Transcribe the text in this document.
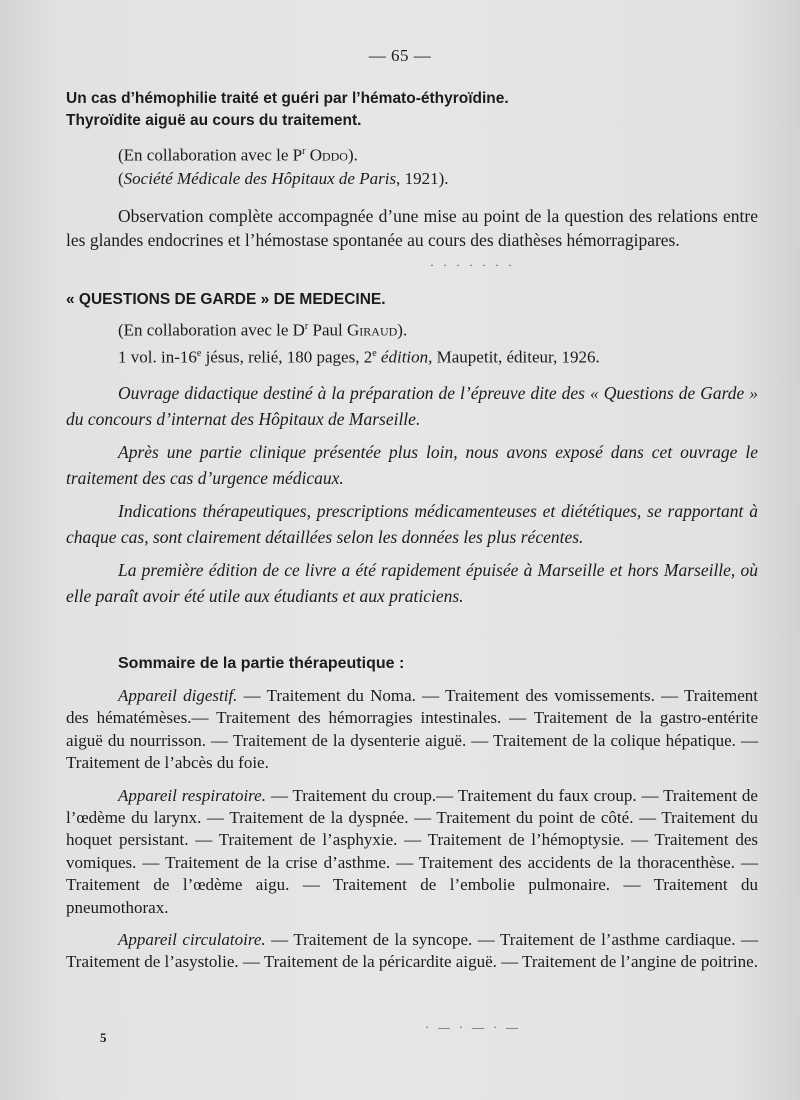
— 65 —

Un cas d’hémophilie traité et guéri par l’hémato-éthyroïdine.

Thyroïdite aiguë au cours du traitement.

(En collaboration avec le $P^r$ Oddo).

(Société Médicale des Hôpitaux de Paris, 1921).

Observation complète accompagnée d’une mise au point de la question des relations entre les glandes endocrines et l’hémostase spontanée au cours des diathèses hémorragipares.

· · · · · · ·

« QUESTIONS DE GARDE » DE MEDECINE.

(En collaboration avec le $D^r$ Paul Giraud).

1 vol. in-16e jésus, relié, 180 pages, 2e édition, Maupetit, éditeur, 1926.

Ouvrage didactique destiné à la préparation de l’épreuve dite des « Questions de Garde » du concours d’internat des Hôpitaux de Marseille.

Après une partie clinique présentée plus loin, nous avons exposé dans cet ouvrage le traitement des cas d’urgence médicaux.

Indications thérapeutiques, prescriptions médicamenteuses et diététiques, se rapportant à chaque cas, sont clairement détaillées selon les données les plus récentes.

La première édition de ce livre a été rapidement épuisée à Marseille et hors Marseille, où elle paraît avoir été utile aux étudiants et aux praticiens.

Sommaire de la partie thérapeutique :

Appareil digestif. — Traitement du Noma. — Traitement des vomissements. — Traitement des hématémèses.— Traitement des hémorragies intestinales. — Traitement de la gastro-entérite aiguë du nourrisson. — Traitement de la dysenterie aiguë. — Traitement de la colique hépatique. — Traitement de l’abcès du foie.

Appareil respiratoire. — Traitement du croup.— Traitement du faux croup. — Traitement de l’œdème du larynx. — Traitement de la dyspnée. — Traitement du point de côté. — Traitement du hoquet persistant. — Traitement de l’asphyxie. — Traitement de l’hémoptysie. — Traitement des vomiques. — Traitement de la crise d’asthme. — Traitement des accidents de la thoracenthèse. — Traitement de l’œdème aigu. — Traitement de l’embolie pulmonaire. — Traitement du pneumothorax.

Appareil circulatoire. — Traitement de la syncope. — Traitement de l’asthme cardiaque. — Traitement de l’asystolie. — Traitement de la péricardite aiguë. — Traitement de l’angine de poitrine.

· — · — · —
5
